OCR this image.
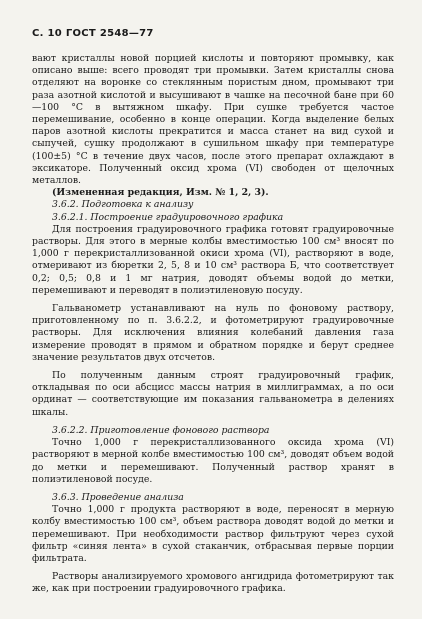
С. 10 ГОСТ 2548—77

вают кристаллы новой порцией кислоты и повторяют промывку, как описано выше: всего проводят три промывки. Затем кристаллы снова отделяют на воронке со стеклянным пористым дном, промывают три раза азотной кислотой и высушивают в чашке на песочной бане при 60—100 °С в вытяжном шкафу. При сушке требуется частое перемешивание, особенно в конце операции. Когда выделение белых паров азотной кислоты прекратится и масса станет на вид сухой и сыпучей, сушку продолжают в сушильном шкафу при температуре (100±5) °С в течение двух часов, после этого препарат охлаждают в эксикаторе. Полученный оксид хрома (VI) свободен от щелочных металлов.

(Измененная редакция, Изм. № 1, 2, 3).

3.6.2. Подготовка к анализу

3.6.2.1. Построение градуировочного графика

Для построения градуировочного графика готовят градуировочные растворы. Для этого в мерные колбы вместимостью 100 см³ вносят по 1,000 г перекристаллизованной окиси хрома (VI), растворяют в воде, отмеривают из бюретки 2, 5, 8 и 10 см³ раствора Б, что соответствует 0,2; 0,5; 0,8 и 1 мг натрия, доводят объемы водой до метки, перемешивают и переводят в полиэтиленовую посуду.

Гальванометр устанавливают на нуль по фоновому раствору, приготовленному по п. 3.6.2.2, и фотометрируют градуировочные растворы. Для исключения влияния колебаний давления газа измерение проводят в прямом и обратном порядке и берут среднее значение результатов двух отсчетов.

По полученным данным строят градуировочный график, откладывая по оси абсцисс массы натрия в миллиграммах, а по оси ординат — соответствующие им показания гальванометра в делениях шкалы.

3.6.2.2. Приготовление фонового раствора

Точно 1,000 г перекристаллизованного оксида хрома (VI) растворяют в мерной колбе вместимостью 100 см³, доводят объем водой до метки и перемешивают. Полученный раствор хранят в полиэтиленовой посуде.

3.6.3. Проведение анализа

Точно 1,000 г продукта растворяют в воде, переносят в мерную колбу вместимостью 100 см³, объем раствора доводят водой до метки и перемешивают. При необходимости раствор фильтруют через сухой фильтр «синяя лента» в сухой стаканчик, отбрасывая первые порции фильтрата.

Растворы анализируемого хромового ангидрида фотометрируют так же, как при построении градуировочного графика.
